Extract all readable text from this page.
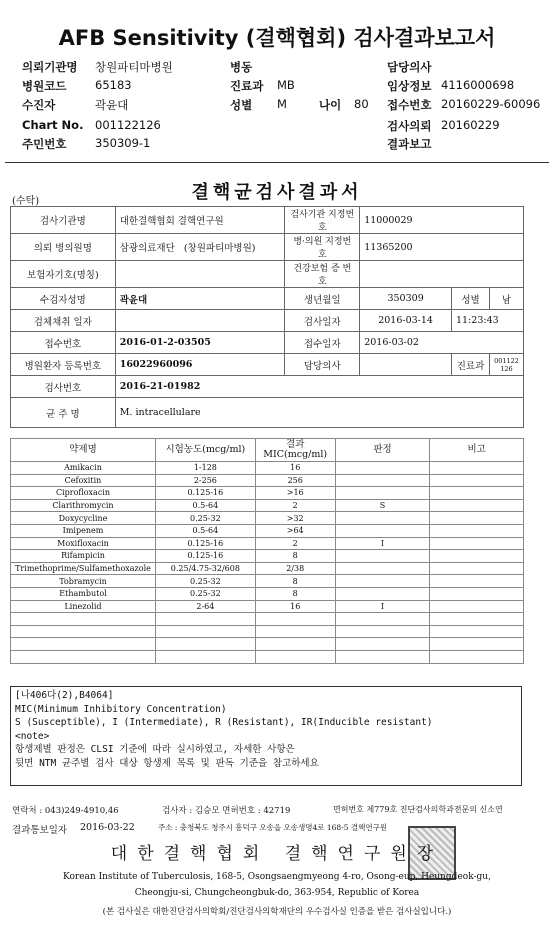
AFB Sensitivity (결핵협회) 검사결과보고서
의뢰기관명 창원파티마병원	병동	담당의사
병원코드 65183	진료과 MB	임상정보 4116000698
수진자	곽윤대	성별 M	나이 80 접수번호 20160229-60096
Chart No. 001122126	검사의뢰 20160229
주민번호 350309-1	결과보고
(수탁)	결핵균검사결과서
검사기관명	대한결핵협회 결핵연구원	검사기관 지정번호	11000029		
의뢰 병의원명	삼광의료재단 (창원파티마병원)	병·의원 지정번호	11365200		
보험자기호(명칭)		건강보험 증 번호			
수검자성명	곽윤대	생년월일	350309	성별	남
검체채취 일자		검사일자	2016-03-14	11:23:43	
접수번호	2016-01-2-03505	접수일자	2016-03-02		
병원환자 등록번호	16022960096	담당의사		진료과	001122126
검사번호	2016-21-01982				
균 주 명	M. intracellulare				
약제명	시험농도(mcg/ml)	결과 MIC(mcg/ml)	판정	비고
Amikacin	1-128	16		
Cefoxitin	2-256	256		
Ciprofloxacin	0.125-16	>16		
Clarithromycin	0.5-64	2	S	
Doxycycline	0.25-32	>32		
Imipenem	0.5-64	>64		
Moxifloxacin	0.125-16	2	I	
Rifampicin	0.125-16	8		
Trimethoprime/Sulfamethoxazole	0.25/4.75-32/608	2/38		
Tobramycin	0.25-32	8		
Ethambutol	0.25-32	8		
Linezolid	2-64	16	I	

[나406다(2),B4064]
MIC(Minimum Inhibitory Concentration)
S (Susceptible), I (Intermediate), R (Resistant), IR(Inducible resistant)
<note>
항생제별 판정은 CLSI 기준에 따라 실시하였고, 자세한 사항은
뒷면 NTM 균주별 검사 대상 항생제 목록 및 판독 기준을 참고하세요
연락처 : 043)249-4910,46	검사자 : 김승모 면허번호 : 42719	면허번호 제779호 진단검사의학과전문의 신소연
결과통보일자 2016-03-22	주소 : 충청북도 청주시 흥덕구 오송읍 오송생명4로 168-5 결핵연구원
대한결핵협회 결핵연구원장
Korean Institute of Tuberculosis, 168-5, Osongsaengmyeong 4-ro, Osong-eup, Heungdeok-gu,
Cheongju-si, Chungcheongbuk-do, 363-954, Republic of Korea
(본 검사실은 대한진단검사의학회/진단검사의학재단의 우수검사실 인증을 받은 검사실입니다.)
